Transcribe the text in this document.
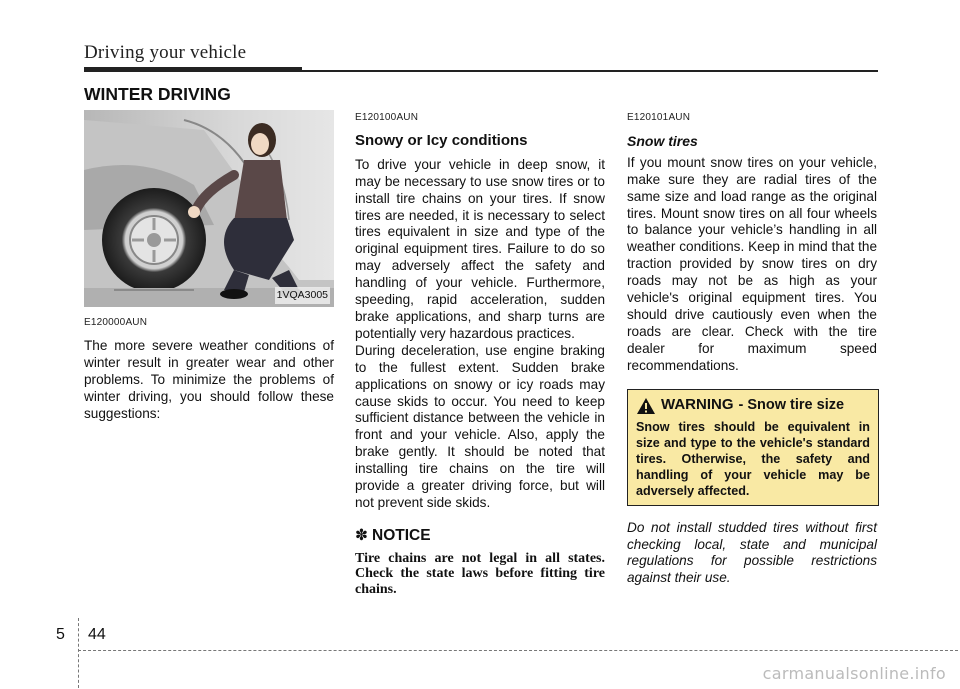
Driving your vehicle
WINTER DRIVING
1VQA3005
E120000AUN

The more severe weather conditions of winter result in greater wear and other problems. To minimize the problems of winter driving, you should follow these suggestions:

E120100AUN
Snowy or Icy conditions

To drive your vehicle in deep snow, it may be necessary to use snow tires or to install tire chains on your tires. If snow tires are needed, it is necessary to select tires equivalent in size and type of the original equipment tires. Failure to do so may adversely affect the safety and handling of your vehicle. Furthermore, speeding, rapid acceleration, sudden brake applications, and sharp turns are potentially very hazardous practices.

During deceleration, use engine braking to the fullest extent. Sudden brake applications on snowy or icy roads may cause skids to occur. You need to keep sufficient distance between the vehicle in front and your vehicle. Also, apply the brake gently. It should be noted that installing tire chains on the tire will provide a greater driving force, but will not prevent side skids.

✽ NOTICE
Tire chains are not legal in all states. Check the state laws before fitting tire chains.
E120101AUN
Snow tires

If you mount snow tires on your vehicle, make sure they are radial tires of the same size and load range as the original tires. Mount snow tires on all four wheels to balance your vehicle’s handling in all weather conditions. Keep in mind that the traction provided by snow tires on dry roads may not be as high as your vehicle's original equipment tires. You should drive cautiously even when the roads are clear. Check with the tire dealer for maximum speed recommendations.

WARNING - Snow tire size
Snow tires should be equivalent in size and type to the vehicle's standard tires. Otherwise, the safety and handling of your vehicle may be adversely affected.

Do not install studded tires without first checking local, state and municipal regulations for possible restrictions against their use.

5 44
carmanualsonline.info
